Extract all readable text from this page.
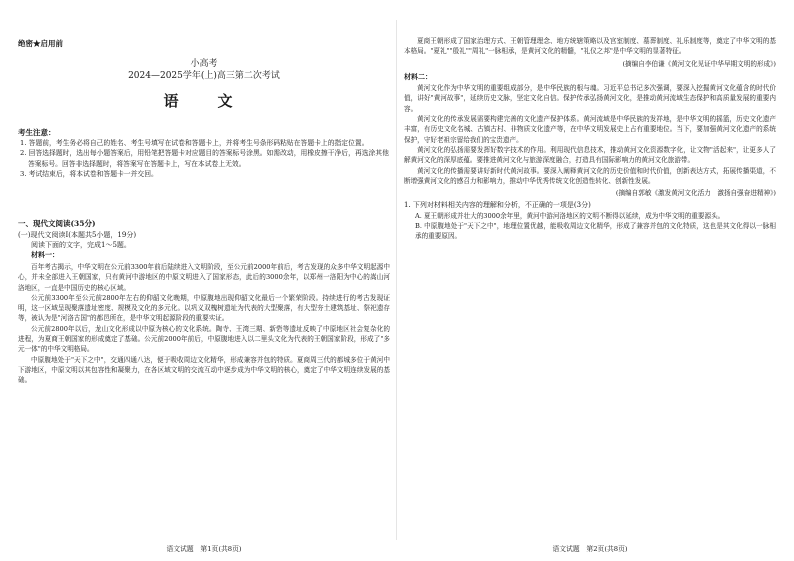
绝密★启用前
小高考
2024—2025学年(上)高三第二次考试
语　文
考生注意：

1. 答题前，考生务必将自己的姓名、考生号填写在试卷和答题卡上，并将考生号条形码粘贴在答题卡上的指定位置。

2. 回答选择题时，选出每小题答案后，用铅笔把答题卡对应题目的答案标号涂黑。如需改动，用橡皮擦干净后，再选涂其他答案标号。回答非选择题时，将答案写在答题卡上，写在本试卷上无效。

3. 考试结束后，将本试卷和答题卡一并交回。

一、现代文阅读(35分)
(一)现代文阅读Ⅰ(本题共5小题，19分)
阅读下面的文字，完成1～5题。
材料一：

百年考古揭示，中华文明在公元前3300年前后陆续进入文明阶段，至公元前2000年前后，考古发现的众多中华文明起源中心，并未全部进入王朝国家，只有黄河中游地区的中原文明进入了国家形态，此后的3000余年，以郑州一洛阳为中心的嵩山河洛地区，一直是中国历史的核心区域。

公元前3300年至公元前2800年左右的仰韶文化晚期，中原腹地出现仰韶文化最后一个繁荣阶段。持续进行的考古发现证明，这一区域呈现聚落遗址密度、规模及文化的多元化。以巩义双槐树遗址为代表的大型聚落，有大型夯土建筑基址、祭祀遗存等，被认为是"河洛古国"的都邑所在，是中华文明起源阶段的重要实证。

公元前2800年以后，龙山文化形成以中原为核心的文化系统。陶寺、王湾三期、新砦等遗址反映了中原地区社会复杂化的进程，为夏商王朝国家的形成奠定了基础。公元前2000年前后，中原腹地进入以二里头文化为代表的王朝国家阶段，形成了"多元一体"的中华文明格局。

中原腹地处于"天下之中"，交通四通八达，便于吸收周边文化精华，形成兼容并包的特质。夏商周三代的都城多位于黄河中下游地区，中原文明以其包容性和凝聚力，在各区域文明的交流互动中逐步成为中华文明的核心，奠定了中华文明连续发展的基础。

语文试题　第1页(共8页)

夏商王朝形成了国家治理方式、王朝管理理念、地方统辖策略以及宫室制度、墓葬制度、礼乐制度等，奠定了中华文明的基本格局。"夏礼""殷礼""周礼"一脉相承，是黄河文化的精髓，"礼仪之邦"是中华文明的显著特征。

(摘编自李伯谦《黄河文化见证中华早期文明的形成》)

材料二：

黄河文化作为中华文明的重要组成部分，是中华民族的根与魂。习近平总书记多次强调，要深入挖掘黄河文化蕴含的时代价值，讲好"黄河故事"，延续历史文脉，坚定文化自信。保护传承弘扬黄河文化，是推动黄河流域生态保护和高质量发展的重要内容。

黄河文化的传承发展需要构建完善的文化遗产保护体系。黄河流域是中华民族的发祥地，是中华文明的摇篮，历史文化遗产丰富，有历史文化名城、古镇古村、非物质文化遗产等，在中华文明发展史上占有重要地位。当下，要加强黄河文化遗产的系统保护，守好老祖宗留给我们的宝贵遗产。

黄河文化的弘扬需要发挥好数字技术的作用。利用现代信息技术，推动黄河文化资源数字化，让文物"活起来"，让更多人了解黄河文化的深厚底蕴。要推进黄河文化与旅游深度融合，打造具有国际影响力的黄河文化旅游带。

黄河文化的传播需要讲好新时代黄河故事。要深入阐释黄河文化的历史价值和时代价值，创新表达方式，拓展传播渠道，不断增强黄河文化的感召力和影响力，推动中华优秀传统文化创造性转化、创新性发展。

(摘编自郭敏《激发黄河文化活力　激扬自强奋进精神》)

1. 下列对材料相关内容的理解和分析，不正确的一项是(3分)

A. 夏王朝形成并壮大的3000余年里，黄河中游河洛地区的文明不断得以延续，成为中华文明的重要源头。

B. 中原腹地处于"天下之中"，地理位置优越，能吸收周边文化精华，形成了兼容并包的文化特质，这也是其文化得以一脉相承的重要原因。

语文试题　第2页(共8页)
